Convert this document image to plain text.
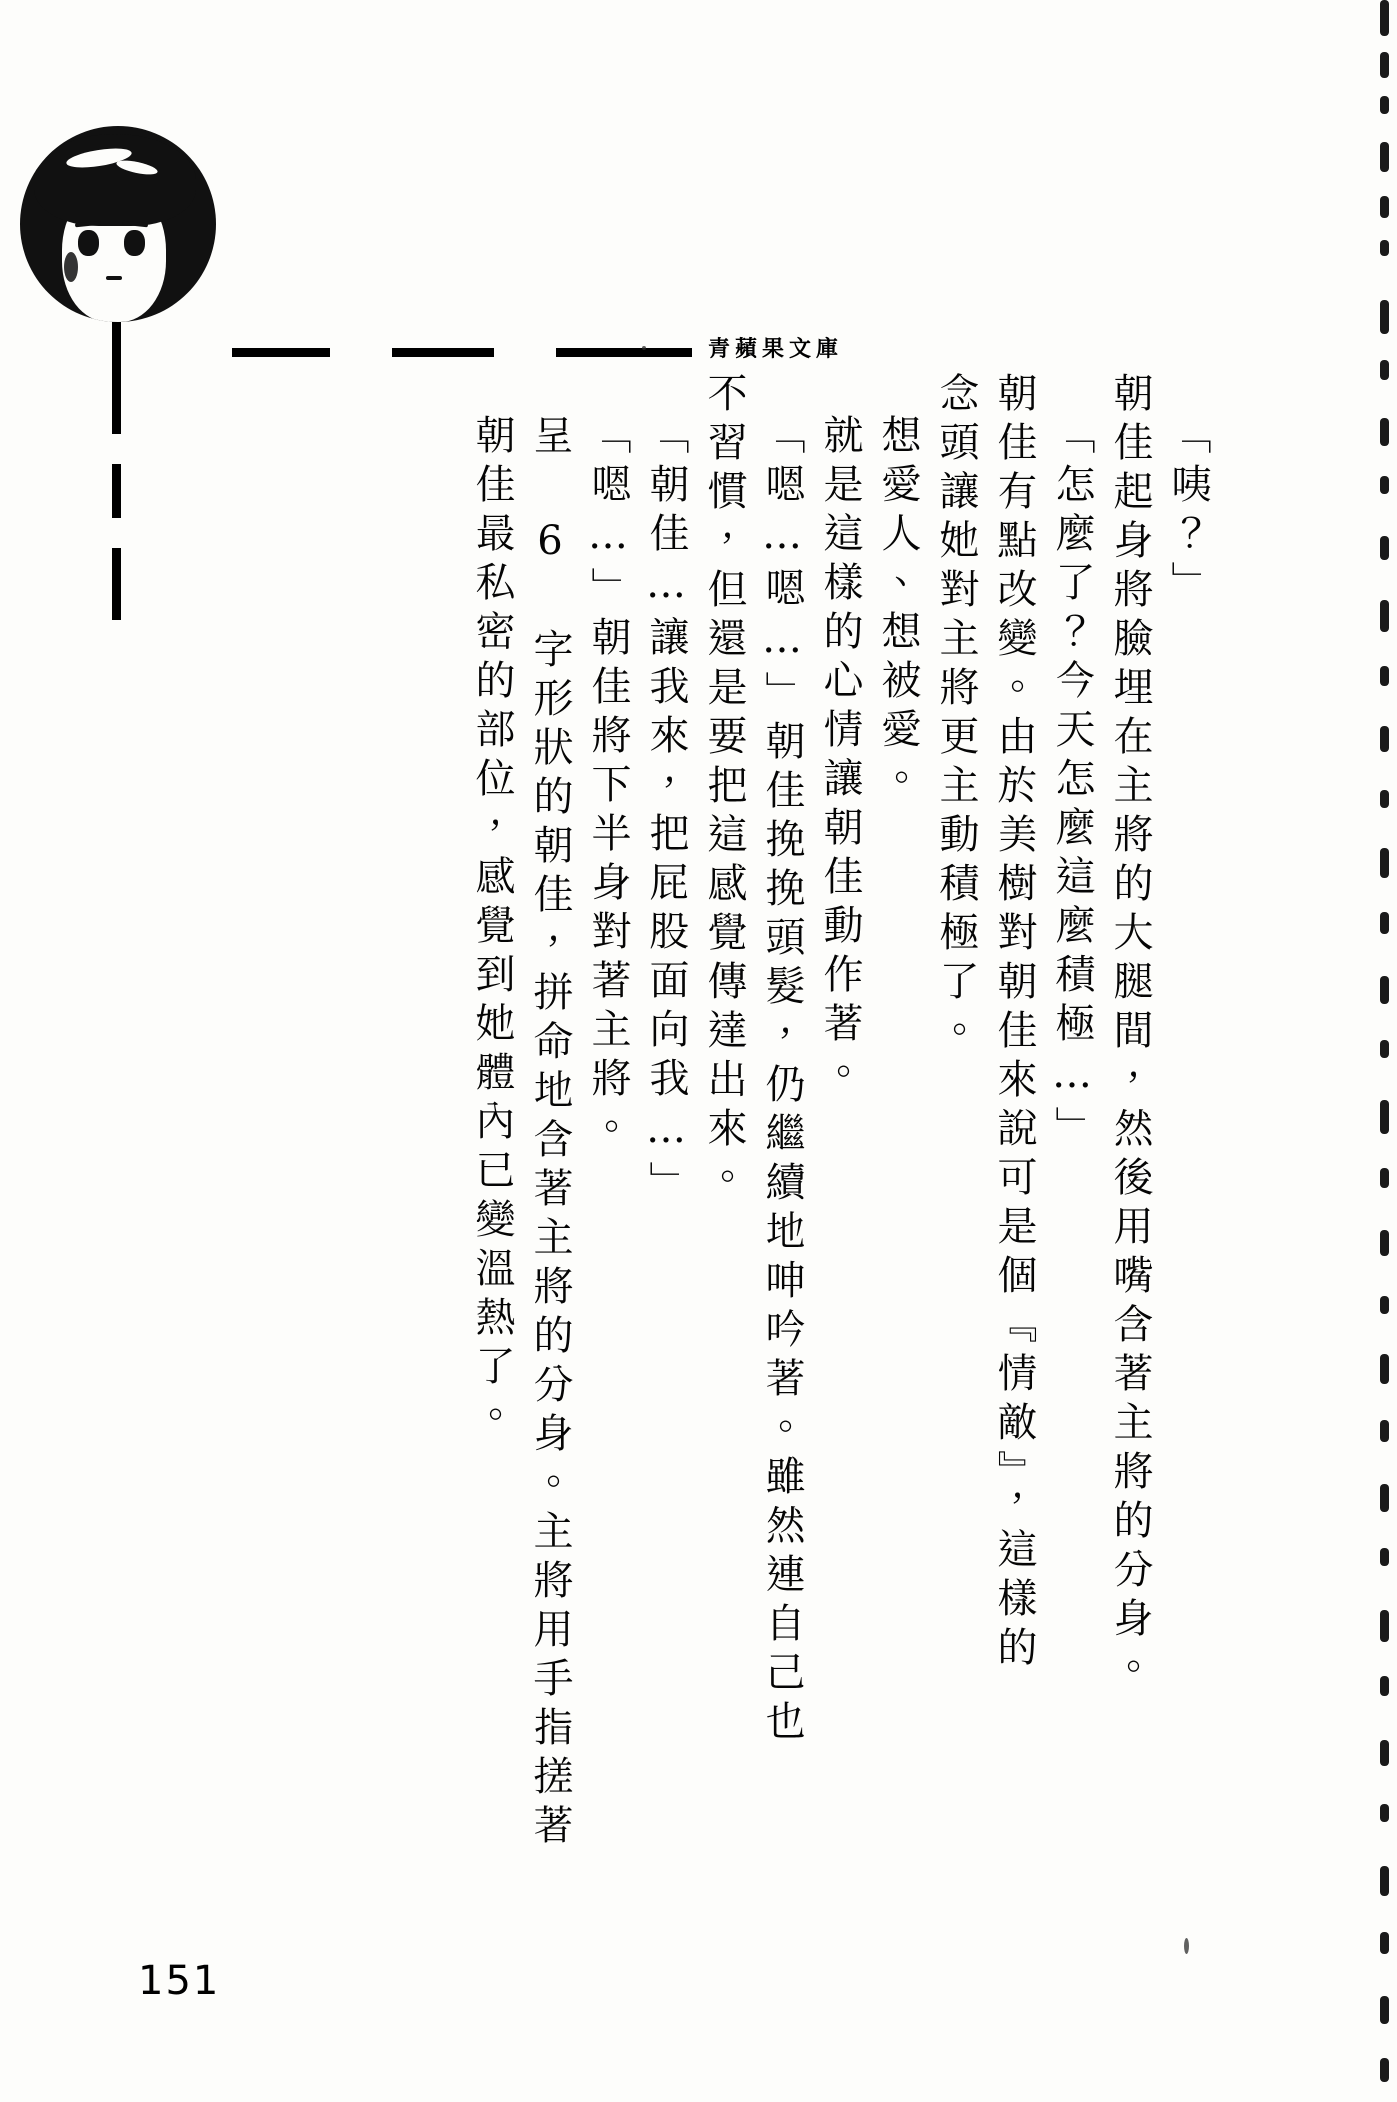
青蘋果文庫
「咦？」
朝佳起身將臉埋在主將的大腿間，然後用嘴含著主將的分身。
「怎麼了？今天怎麼這麼積極…」
朝佳有點改變。由於美樹對朝佳來說可是個『情敵』，這樣的
念頭讓她對主將更主動積極了。
想愛人、想被愛。
就是這樣的心情讓朝佳動作著。
「嗯…嗯…」朝佳挽挽頭髮，仍繼續地呻吟著。雖然連自己也
不習慣，但還是要把這感覺傳達出來。
「朝佳…讓我來，把屁股面向我…」
「嗯…」朝佳將下半身對著主將。
呈 6 字形狀的朝佳，拼命地含著主將的分身。主將用手指搓著
朝佳最私密的部位，感覺到她體內已變溫熱了。
151
